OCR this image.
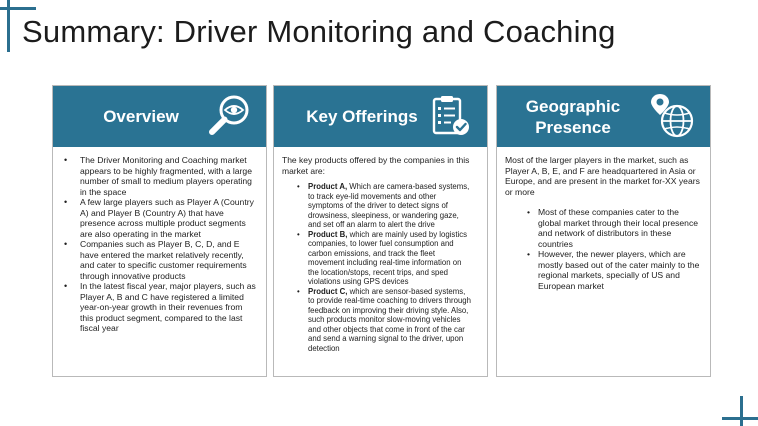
Summary: Driver Monitoring and Coaching
Overview
• The Driver Monitoring and Coaching market appears to be highly fragmented, with a large number of small to medium players operating in the space
• A few large players such as Player A (Country A) and Player B (Country A) that have presence across multiple product segments are also operating in the market
• Companies such as Player B, C, D, and E have entered the market relatively recently, and cater to specific customer requirements through innovative products
• In the latest fiscal year, major players, such as Player A, B and C have registered a limited year-on-year growth in their revenues from this product segment, compared to the last fiscal year
Key Offerings

The key products offered by the companies in this market are:

• Product A, Which are camera-based systems, to track eye-lid movements and other symptoms of the driver to detect signs of drowsiness, sleepiness, or wandering gaze, and set off an alarm to alert the drive
• Product B, which are mainly used by logistics companies, to lower fuel consumption and carbon emissions, and track the fleet movement including real-time information on the location/stops, recent trips, and sped violations using GPS devices
• Product C, which are sensor-based systems, to provide real-time coaching to drivers through feedback on improving their driving style. Also, such products monitor slow-moving vehicles and other objects that come in front of the car and send a warning signal to the driver, upon detection
Geographic
Presence

Most of the larger players in the market, such as Player A, B, E, and F are headquartered in Asia or Europe, and are present in the market for-XX years or more

• Most of these companies cater to the global market through their local presence and network of distributors in these countries
• However, the newer players, which are mostly based out of the cater mainly to the regional markets, specially of US and European market
